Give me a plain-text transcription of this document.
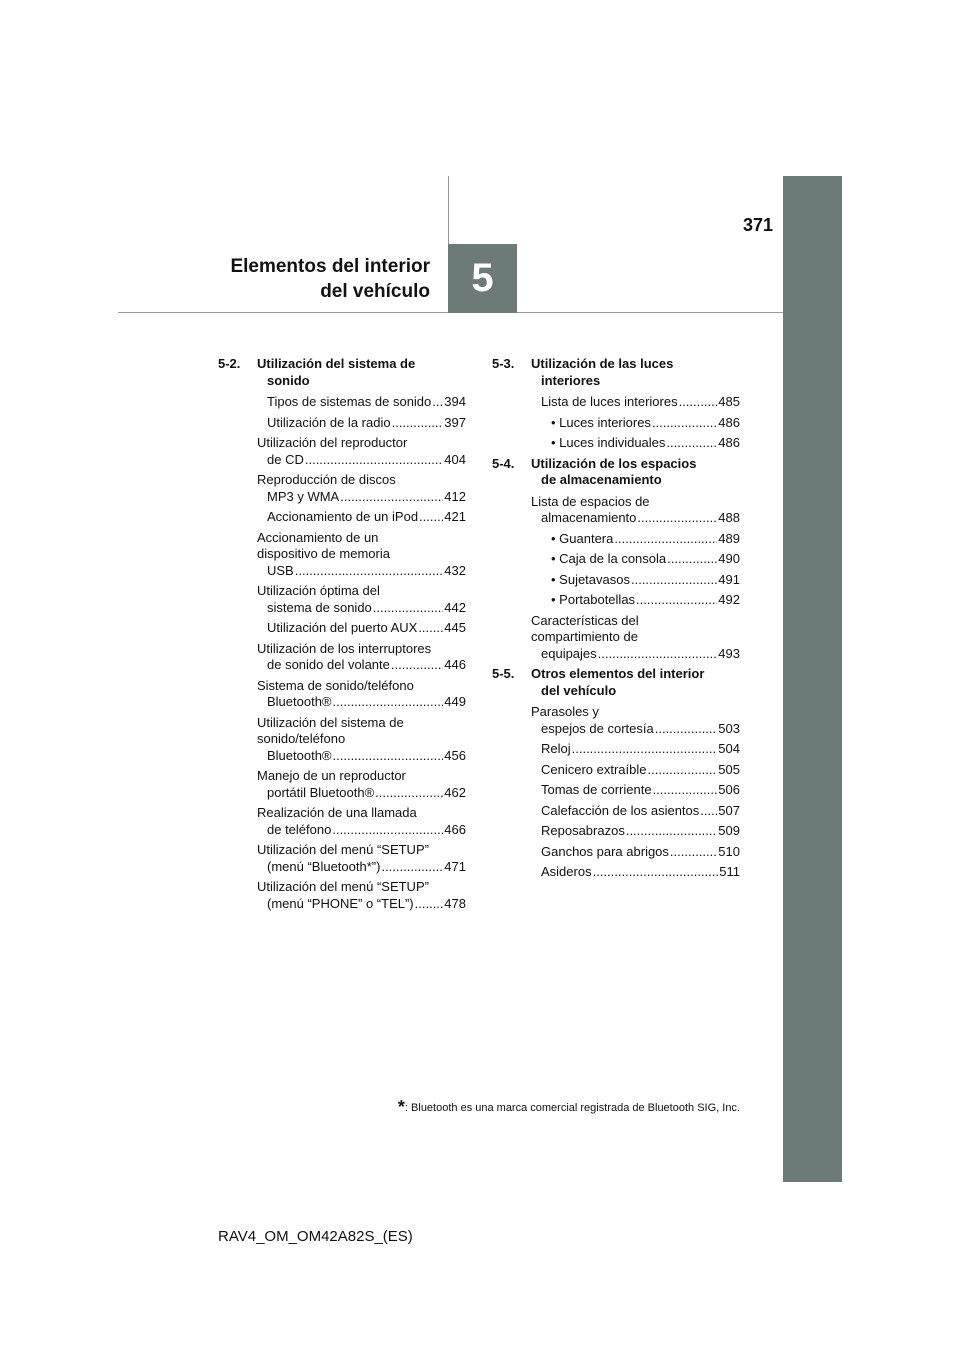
371
Elementos del interior
del vehículo 5
5-2. Utilización del sistema de
sonido
Tipos de sistemas de sonido ..... 394
Utilización de la radio .....	397
Utilización del reproductor
de CD .....	404
Reproducción de discos
MP3 y WMA .....	412
Accionamiento de un iPod ..... 421
Accionamiento de un
dispositivo de memoria
USB .....	432
Utilización óptima del
sistema de sonido .....	442
Utilización del puerto AUX ..... 445
Utilización de los interruptores
de sonido del volante .....	446
Sistema de sonido/teléfono
Bluetooth® .....	449
Utilización del sistema de
sonido/teléfono
Bluetooth® .....	456
Manejo de un reproductor
portátil Bluetooth® .....	462
Realización de una llamada
de teléfono .....	466
Utilización del menú “SETUP”
(menú “Bluetooth*”) .....	471
Utilización del menú “SETUP”
(menú “PHONE” o “TEL”) ..... 478
5-3. Utilización de las luces
interiores
Lista de luces interiores .....	485
• Luces interiores .....	486
• Luces individuales .....	486
5-4. Utilización de los espacios
de almacenamiento
Lista de espacios de
almacenamiento .....	488
• Guantera .....	489
• Caja de la consola .....	490
• Sujetavasos .....	491
• Portabotellas .....	492
Características del
compartimiento de
equipajes .....	493
5-5. Otros elementos del interior
del vehículo
Parasoles y
espejos de cortesía .....	503
Reloj .....	504
Cenicero extraíble .....	505
Tomas de corriente .....	506
Calefacción de los asientos ..... 507
Reposabrazos .....	509
Ganchos para abrigos .....	510
Asideros .....	511
*: Bluetooth es una marca comercial registrada de Bluetooth SIG, Inc.
RAV4_OM_OM42A82S_(ES)
